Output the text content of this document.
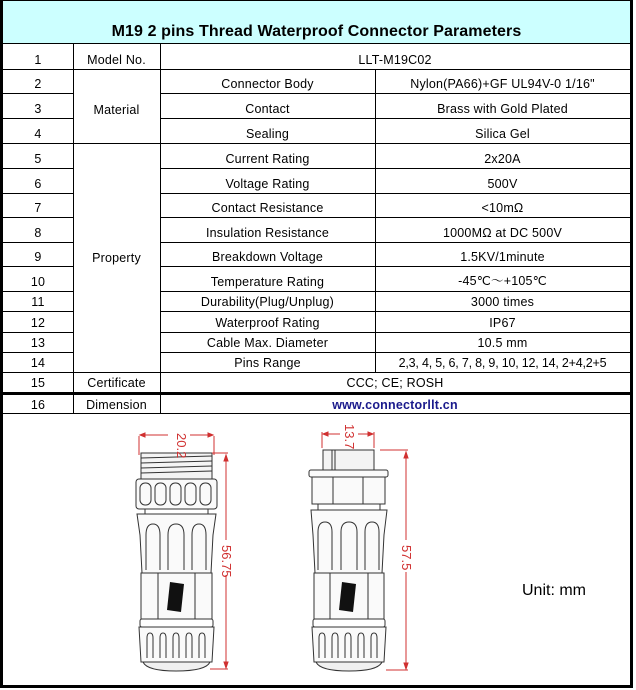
M19 2 pins Thread Waterproof Connector Parameters
1	Model No.	LLT-M19C02
Material
2	Connector Body	Nylon(PA66)+GF UL94V-0 1/16"
3	Contact	Brass with Gold Plated
4	Sealing	Silica Gel
Property
5	Current Rating	2x20A
6	Voltage Rating	500V
7	Contact Resistance	<10mΩ
8	Insulation Resistance	1000MΩ at DC 500V
9	Breakdown Voltage	1.5KV/1minute
10	Temperature Rating	-45℃～+105℃
11	Durability(Plug/Unplug)	3000 times
12	Waterproof Rating	IP67
13	Cable Max. Diameter	10.5 mm
14	Pins Range	2,3, 4, 5, 6, 7, 8, 9, 10, 12, 14, 2+4,2+5
15	Certificate	CCC; CE; ROSH
16	Dimension	www.connectorllt.cn
20.2
56.75
13.7
57.5
Unit: mm
